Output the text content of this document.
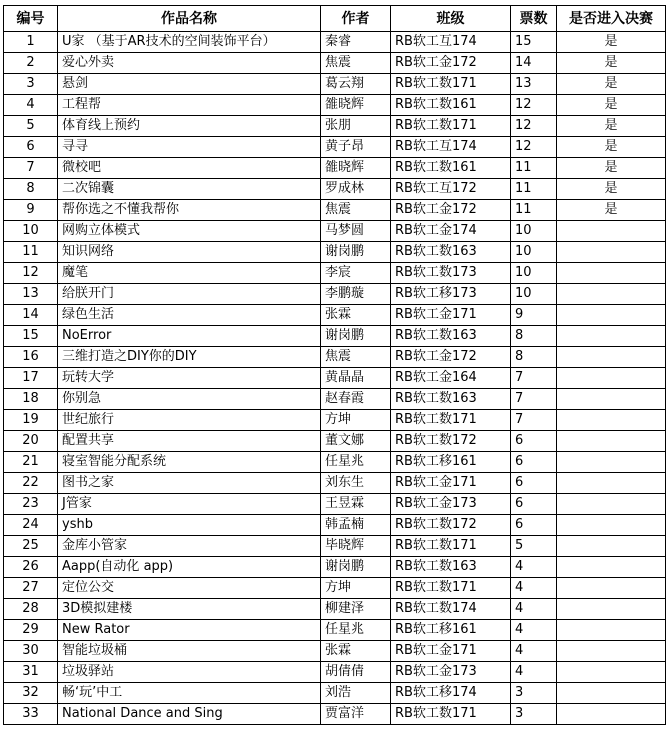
编号	作品名称	作者	班级	票数	是否进入决赛
1	U家 （基于AR技术的空间装饰平台）	秦睿	RB软工互174	15	是
2	爱心外卖	焦震	RB软工金172	14	是
3	悬剑	葛云翔	RB软工数171	13	是
4	工程帮	雒晓辉	RB软工数161	12	是
5	体育线上预约	张朋	RB软工数171	12	是
6	寻寻	黄子昂	RB软工互174	12	是
7	微校吧	雒晓辉	RB软工数161	11	是
8	二次锦囊	罗成林	RB软工互172	11	是
9	帮你选之不懂我帮你	焦震	RB软工金172	11	是
10	网购立体模式	马梦圆	RB软工金174	10	
11	知识网络	谢岗鹏	RB软工数163	10	
12	魔笔	李宸	RB软工数173	10	
13	给朕开门	李鹏璇	RB软工移173	10	
14	绿色生活	张霖	RB软工金171	9	
15	NoError	谢岗鹏	RB软工数163	8	
16	三维打造之DIY你的DIY	焦震	RB软工金172	8	
17	玩转大学	黄晶晶	RB软工金164	7	
18	你别急	赵春霞	RB软工数163	7	
19	世纪旅行	方坤	RB软工数171	7	
20	配置共享	董文娜	RB软工数172	6	
21	寝室智能分配系统	任星兆	RB软工移161	6	
22	图书之家	刘东生	RB软工金171	6	
23	J管家	王昱霖	RB软工金173	6	
24	yshb	韩孟楠	RB软工数172	6	
25	金库小管家	毕晓辉	RB软工数171	5	
26	Aapp(自动化 app)	谢岗鹏	RB软工数163	4	
27	定位公交	方坤	RB软工数171	4	
28	3D模拟建楼	柳建泽	RB软工数174	4	
29	New Rator	任星兆	RB软工移161	4	
30	智能垃圾桶	张霖	RB软工金171	4	
31	垃圾驿站	胡倩倩	RB软工金173	4	
32	畅‘玩’中工	刘浩	RB软工移174	3	
33	National Dance and Sing	贾富洋	RB软工数171	3	
